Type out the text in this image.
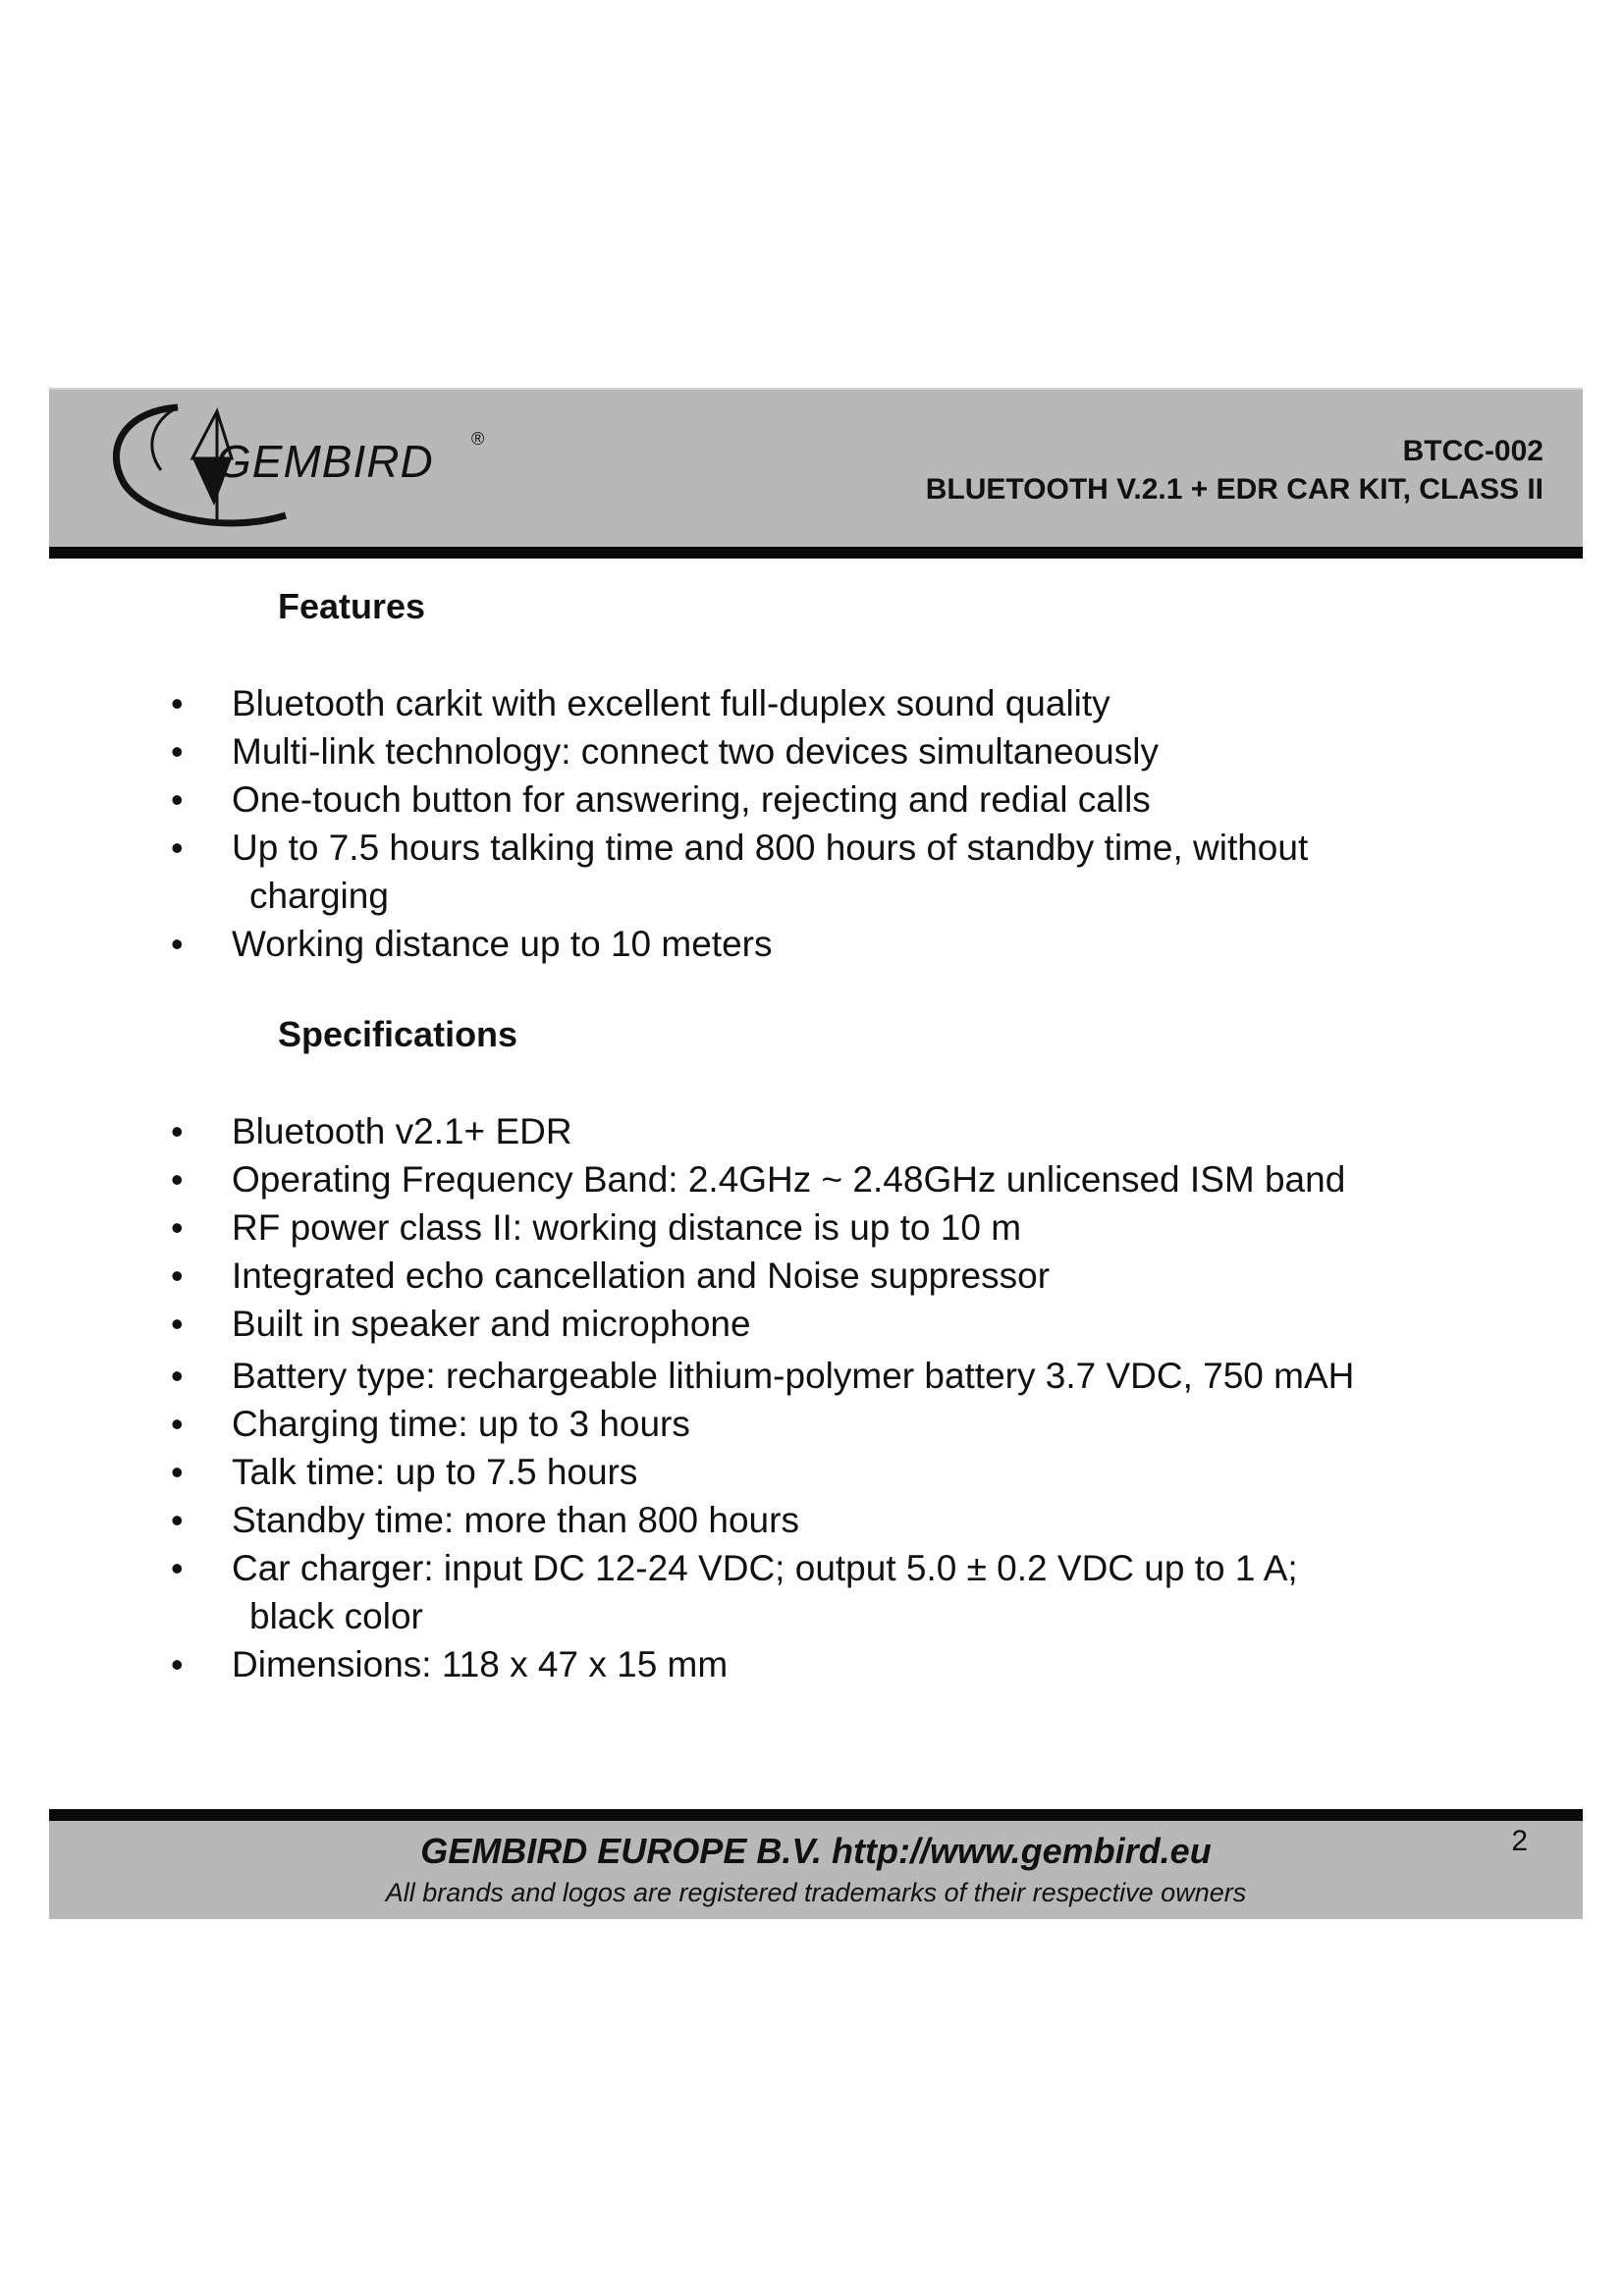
GEMBIRD ®	BTCC-002
BLUETOOTH V.2.1 + EDR CAR KIT, CLASS II
Features
• Bluetooth carkit with excellent full-duplex sound quality
• Multi-link technology: connect two devices simultaneously
• One-touch button for answering, rejecting and redial calls
• Up to 7.5 hours talking time and 800 hours of standby time, without
charging
• Working distance up to 10 meters
Specifications
• Bluetooth v2.1+ EDR
• Operating Frequency Band: 2.4GHz ~ 2.48GHz unlicensed ISM band
• RF power class II: working distance is up to 10 m
• Integrated echo cancellation and Noise suppressor
• Built in speaker and microphone
• Battery type: rechargeable lithium-polymer battery 3.7 VDC, 750 mAH
• Charging time: up to 3 hours
• Talk time: up to 7.5 hours
• Standby time: more than 800 hours
• Car charger: input DC 12-24 VDC; output 5.0 ± 0.2 VDC up to 1 A;
black color
• Dimensions: 118 x 47 x 15 mm
GEMBIRD EUROPE B.V. http://www.gembird.eu
All brands and logos are registered trademarks of their respective owners
2
